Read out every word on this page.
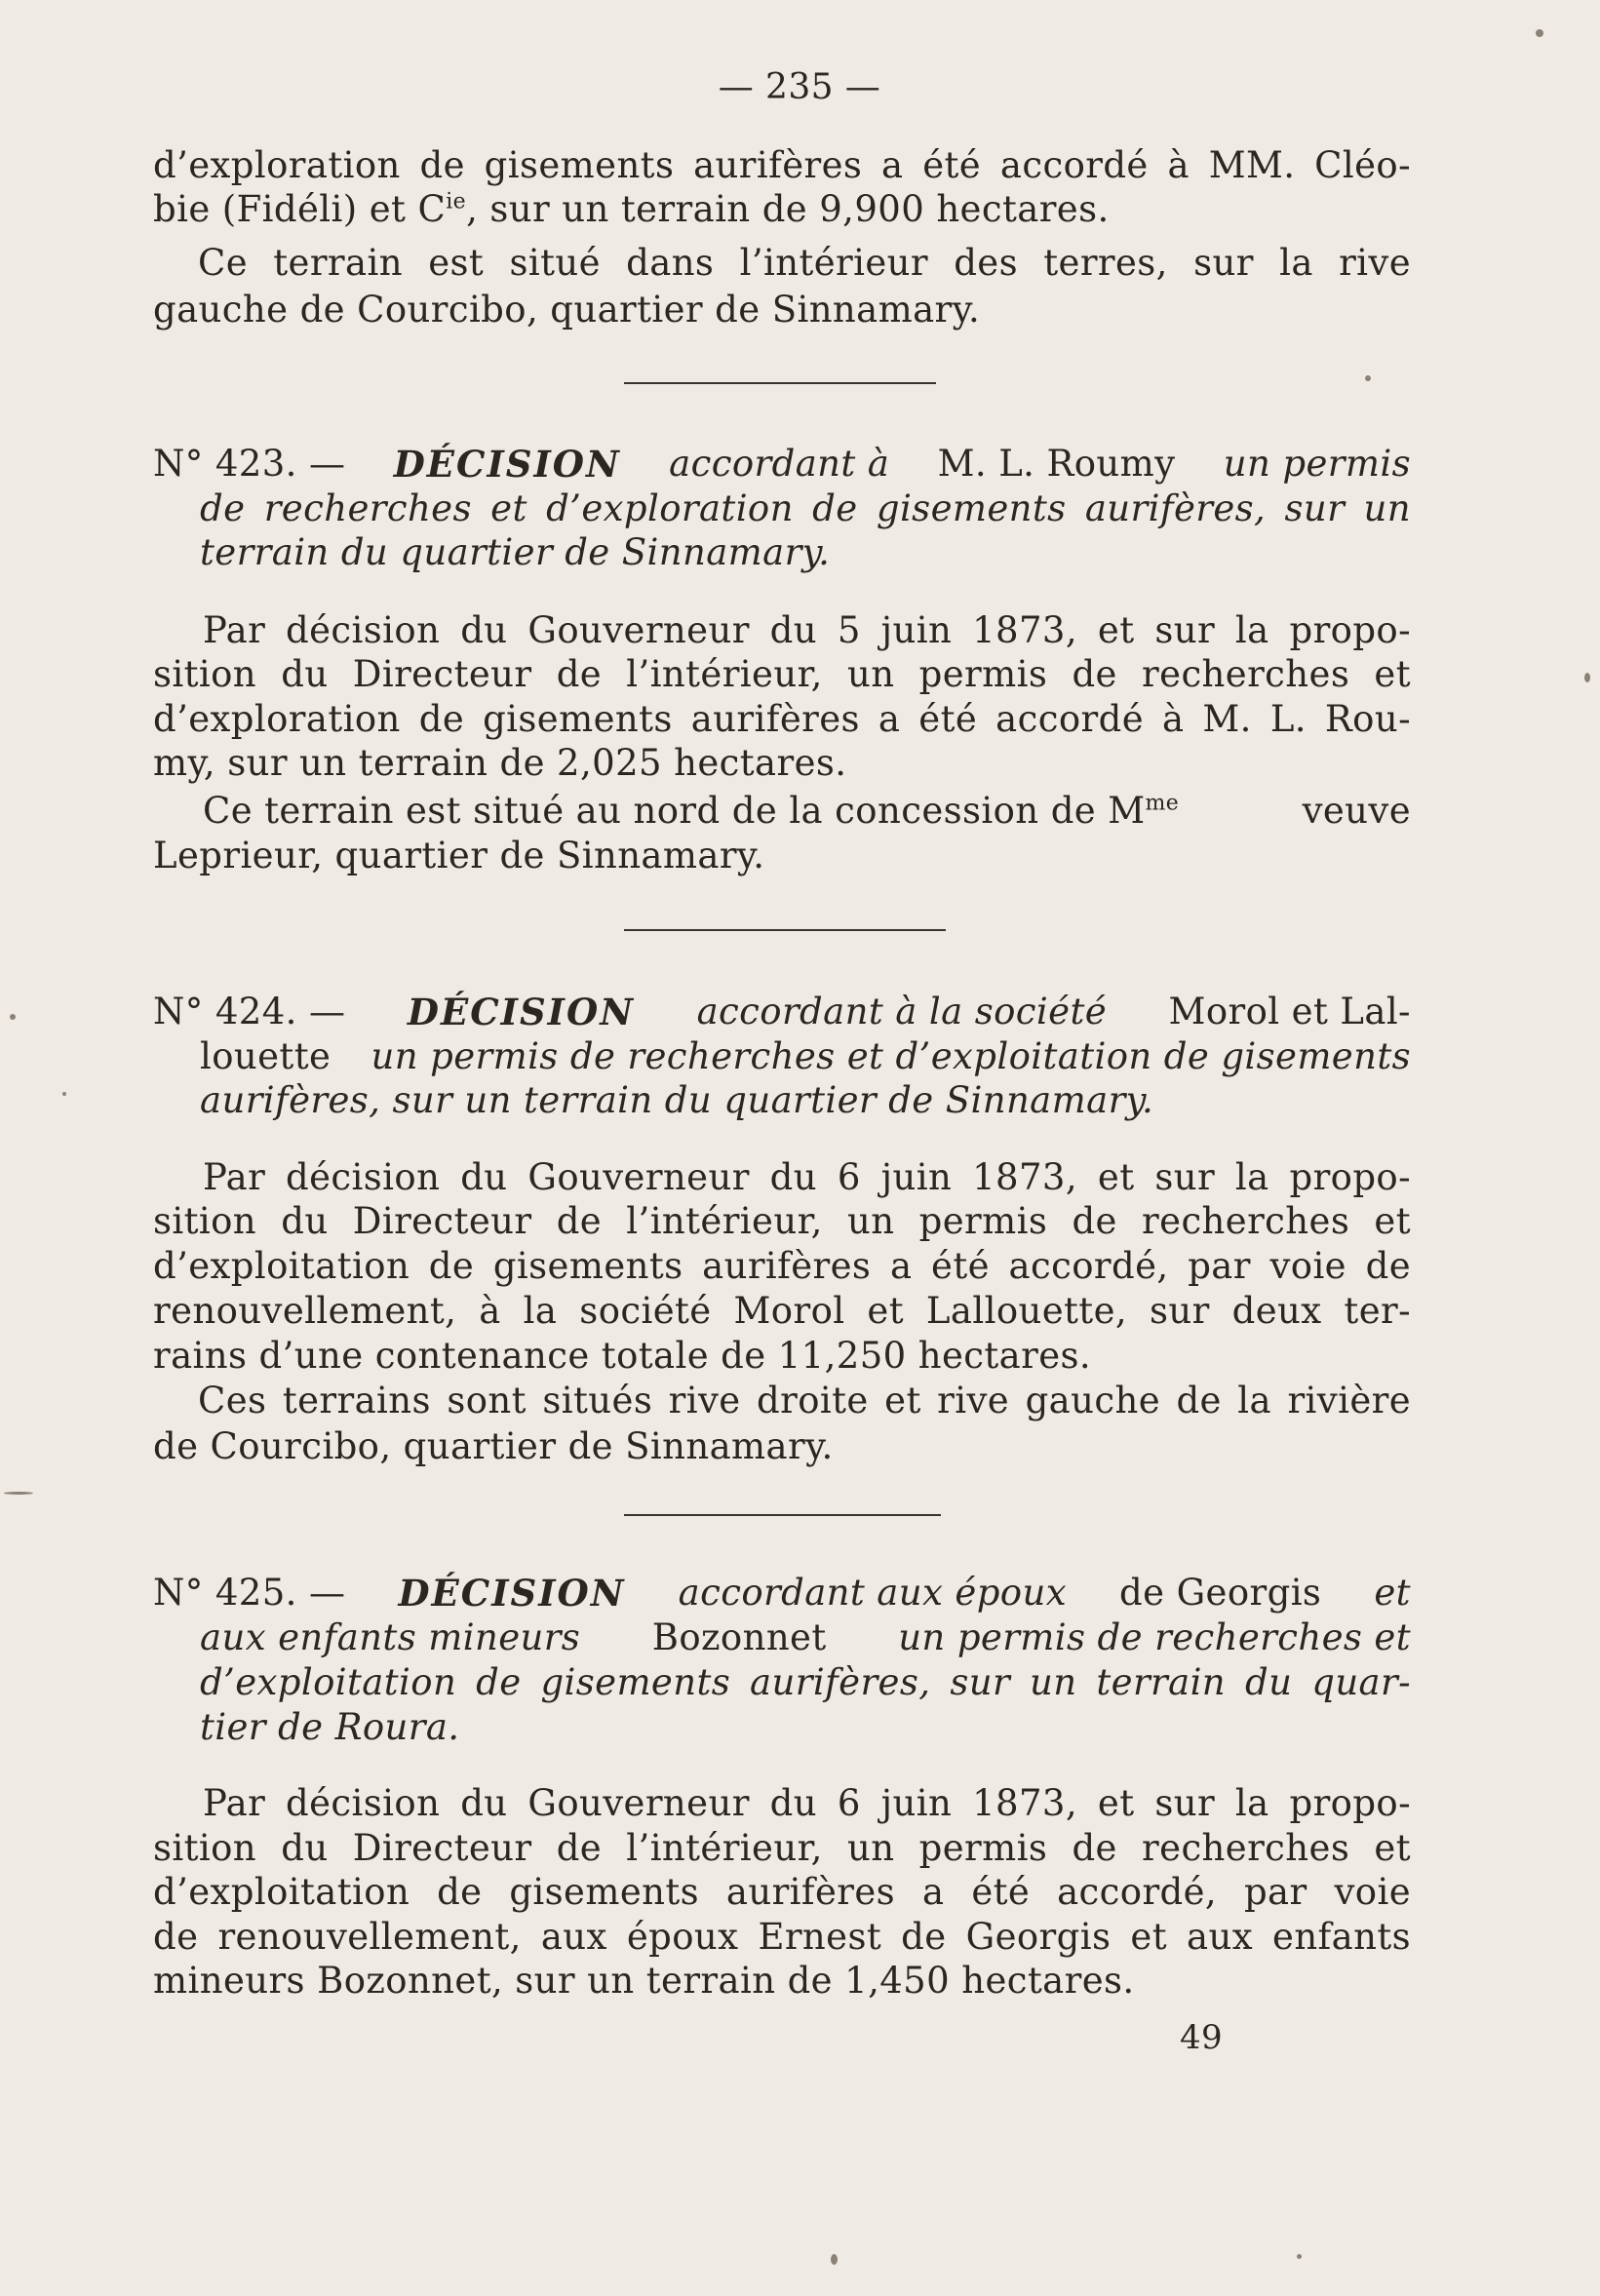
— 235 —
d’exploration de gisements aurifères a été accordé à MM. Cléo-
bie (Fidéli) et $C^{ie}$, sur un terrain de 9,900 hectares.
Ce terrain est situé dans l’intérieur des terres, sur la rive
gauche de Courcibo, quartier de Sinnamary.
N° 423. — DÉCISION accordant à M. L. Roumy un permis
de recherches et d’exploration de gisements aurifères, sur un
terrain du quartier de Sinnamary.
Par décision du Gouverneur du 5 juin 1873, et sur la propo-
sition du Directeur de l’intérieur, un permis de recherches et
d’exploration de gisements aurifères a été accordé à M. L. Rou-
my, sur un terrain de 2,025 hectares.
Ce terrain est situé au nord de la concession de $M^{me}$	veuve
Leprieur, quartier de Sinnamary.
N° 424. — DÉCISION accordant à la société Morol et Lal-
louette un permis de recherches et d’exploitation de gisements
aurifères, sur un terrain du quartier de Sinnamary.
Par décision du Gouverneur du 6 juin 1873, et sur la propo-
sition du Directeur de l’intérieur, un permis de recherches et
d’exploitation de gisements aurifères a été accordé, par voie de
renouvellement, à la société Morol et Lallouette, sur deux ter-
rains d’une contenance totale de 11,250 hectares.
Ces terrains sont situés rive droite et rive gauche de la rivière
de Courcibo, quartier de Sinnamary.
N° 425. — DÉCISION accordant aux époux de Georgis et
aux enfants mineurs Bozonnet un permis de recherches et
d’exploitation de gisements aurifères, sur un terrain du quar-
tier de Roura.
Par décision du Gouverneur du 6 juin 1873, et sur la propo-
sition du Directeur de l’intérieur, un permis de recherches et
d’exploitation de gisements aurifères a été accordé, par voie
de renouvellement, aux époux Ernest de Georgis et aux enfants
mineurs Bozonnet, sur un terrain de 1,450 hectares.
49
